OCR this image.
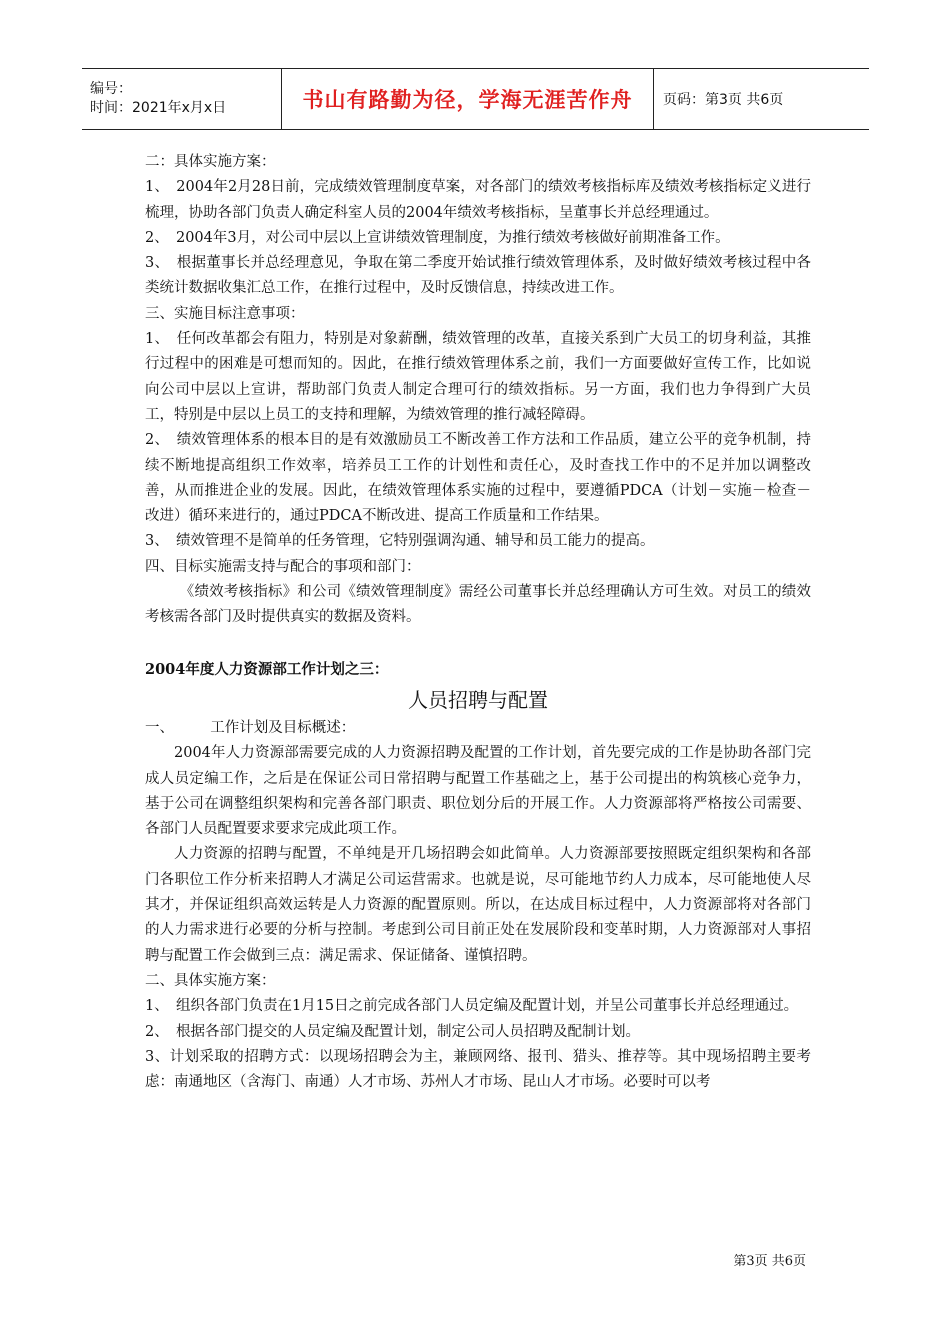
编号：
时间：2021年x月x日	书山有路勤为径，学海无涯苦作舟	页码：第3页 共6页

二：具体实施方案：

1、　2004年2月28日前，完成绩效管理制度草案，对各部门的绩效考核指标库及绩效考核指标定义进行梳理，协助各部门负责人确定科室人员的2004年绩效考核指标，呈董事长并总经理通过。

2、　2004年3月，对公司中层以上宣讲绩效管理制度，为推行绩效考核做好前期准备工作。

3、　根据董事长并总经理意见，争取在第二季度开始试推行绩效管理体系，及时做好绩效考核过程中各类统计数据收集汇总工作，在推行过程中，及时反馈信息，持续改进工作。

三、实施目标注意事项：

1、　任何改革都会有阻力，特别是对象薪酬，绩效管理的改革，直接关系到广大员工的切身利益，其推行过程中的困难是可想而知的。因此，在推行绩效管理体系之前，我们一方面要做好宣传工作，比如说向公司中层以上宣讲，帮助部门负责人制定合理可行的绩效指标。另一方面，我们也力争得到广大员工，特别是中层以上员工的支持和理解，为绩效管理的推行减轻障碍。

2、　绩效管理体系的根本目的是有效激励员工不断改善工作方法和工作品质，建立公平的竞争机制，持续不断地提高组织工作效率，培养员工工作的计划性和责任心，及时查找工作中的不足并加以调整改善，从而推进企业的发展。因此，在绩效管理体系实施的过程中，要遵循PDCA（计划－实施－检查－改进）循环来进行的，通过PDCA不断改进、提高工作质量和工作结果。

3、　绩效管理不是简单的任务管理，它特别强调沟通、辅导和员工能力的提高。

四、目标实施需支持与配合的事项和部门：

《绩效考核指标》和公司《绩效管理制度》需经公司董事长并总经理确认方可生效。对员工的绩效考核需各部门及时提供真实的数据及资料。

2004年度人力资源部工作计划之三：

人员招聘与配置

一、　　　工作计划及目标概述：

2004年人力资源部需要完成的人力资源招聘及配置的工作计划，首先要完成的工作是协助各部门完成人员定编工作，之后是在保证公司日常招聘与配置工作基础之上，基于公司提出的构筑核心竞争力，基于公司在调整组织架构和完善各部门职责、职位划分后的开展工作。人力资源部将严格按公司需要、各部门人员配置要求要求完成此项工作。

人力资源的招聘与配置，不单纯是开几场招聘会如此简单。人力资源部要按照既定组织架构和各部门各职位工作分析来招聘人才满足公司运营需求。也就是说，尽可能地节约人力成本，尽可能地使人尽其才，并保证组织高效运转是人力资源的配置原则。所以，在达成目标过程中，人力资源部将对各部门的人力需求进行必要的分析与控制。考虑到公司目前正处在发展阶段和变革时期，人力资源部对人事招聘与配置工作会做到三点：满足需求、保证储备、谨慎招聘。

二、具体实施方案：

1、　组织各部门负责在1月15日之前完成各部门人员定编及配置计划，并呈公司董事长并总经理通过。

2、　根据各部门提交的人员定编及配置计划，制定公司人员招聘及配制计划。

3、计划采取的招聘方式：以现场招聘会为主，兼顾网络、报刊、猎头、推荐等。其中现场招聘主要考虑：南通地区（含海门、南通）人才市场、苏州人才市场、昆山人才市场。必要时可以考

第3页 共6页
